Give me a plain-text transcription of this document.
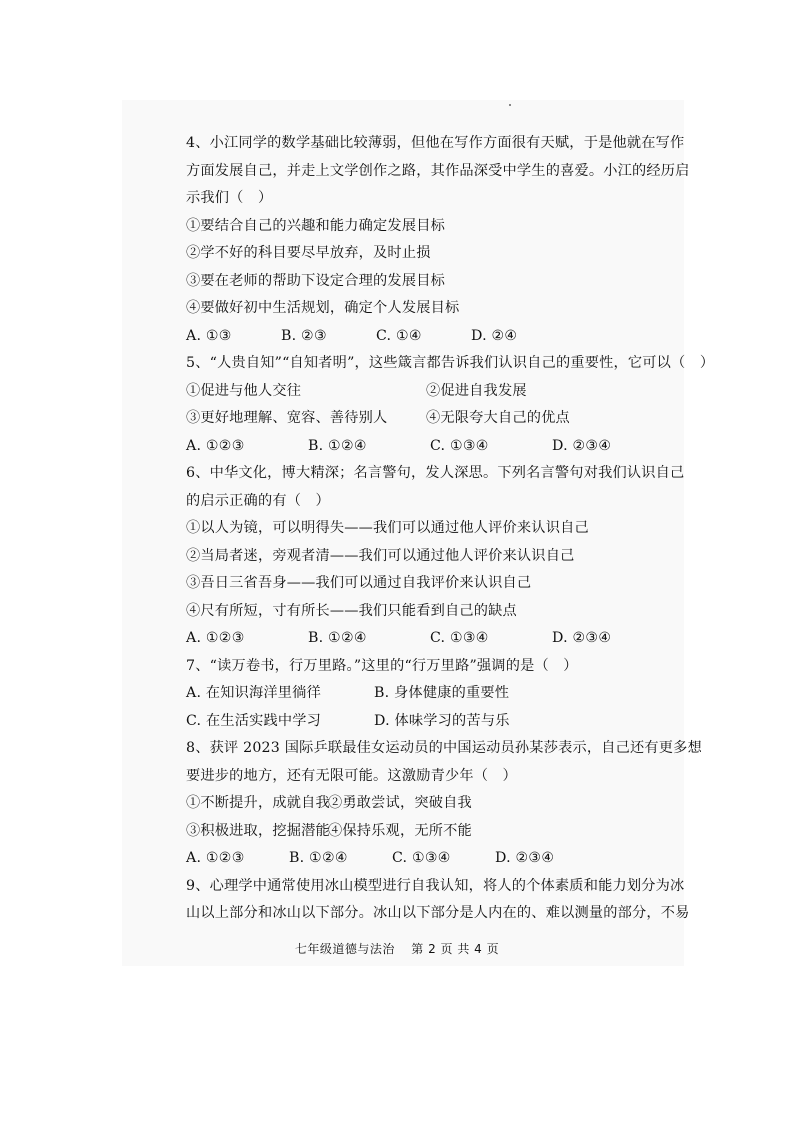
4、小江同学的数学基础比较薄弱，但他在写作方面很有天赋，于是他就在写作
方面发展自己，并走上文学创作之路，其作品深受中学生的喜爱。小江的经历启
示我们（　）
①要结合自己的兴趣和能力确定发展目标
②学不好的科目要尽早放弃，及时止损
③要在老师的帮助下设定合理的发展目标
④要做好初中生活规划，确定个人发展目标
A. ①③	B. ②③	C. ①④	D. ②④
5、“人贵自知”“自知者明”，这些箴言都告诉我们认识自己的重要性，它可以（　）
①促进与他人交往	②促进自我发展
③更好地理解、宽容、善待别人	④无限夸大自己的优点
A. ①②③	B. ①②④	C. ①③④	D. ②③④
6、中华文化，博大精深；名言警句，发人深思。下列名言警句对我们认识自己
的启示正确的有（　）
①以人为镜，可以明得失——我们可以通过他人评价来认识自己
②当局者迷，旁观者清——我们可以通过他人评价来认识自己
③吾日三省吾身——我们可以通过自我评价来认识自己
④尺有所短，寸有所长——我们只能看到自己的缺点
A. ①②③	B. ①②④	C. ①③④	D. ②③④
7、“读万卷书，行万里路。”这里的“行万里路”强调的是（　）
A. 在知识海洋里徜徉	B. 身体健康的重要性
C. 在生活实践中学习	D. 体味学习的苦与乐
8、获评 2023 国际乒联最佳女运动员的中国运动员孙某莎表示，自己还有更多想
要进步的地方，还有无限可能。这激励青少年（　）
①不断提升，成就自我
②勇敢尝试，突破自我
③积极进取，挖掘潜能
④保持乐观，无所不能
A. ①②③	B. ①②④	C. ①③④	D. ②③④
9、心理学中通常使用冰山模型进行自我认知，将人的个体素质和能力划分为冰
山以上部分和冰山以下部分。冰山以下部分是人内在的、难以测量的部分，不易
七年级道德与法治 第 2 页 共 4 页
